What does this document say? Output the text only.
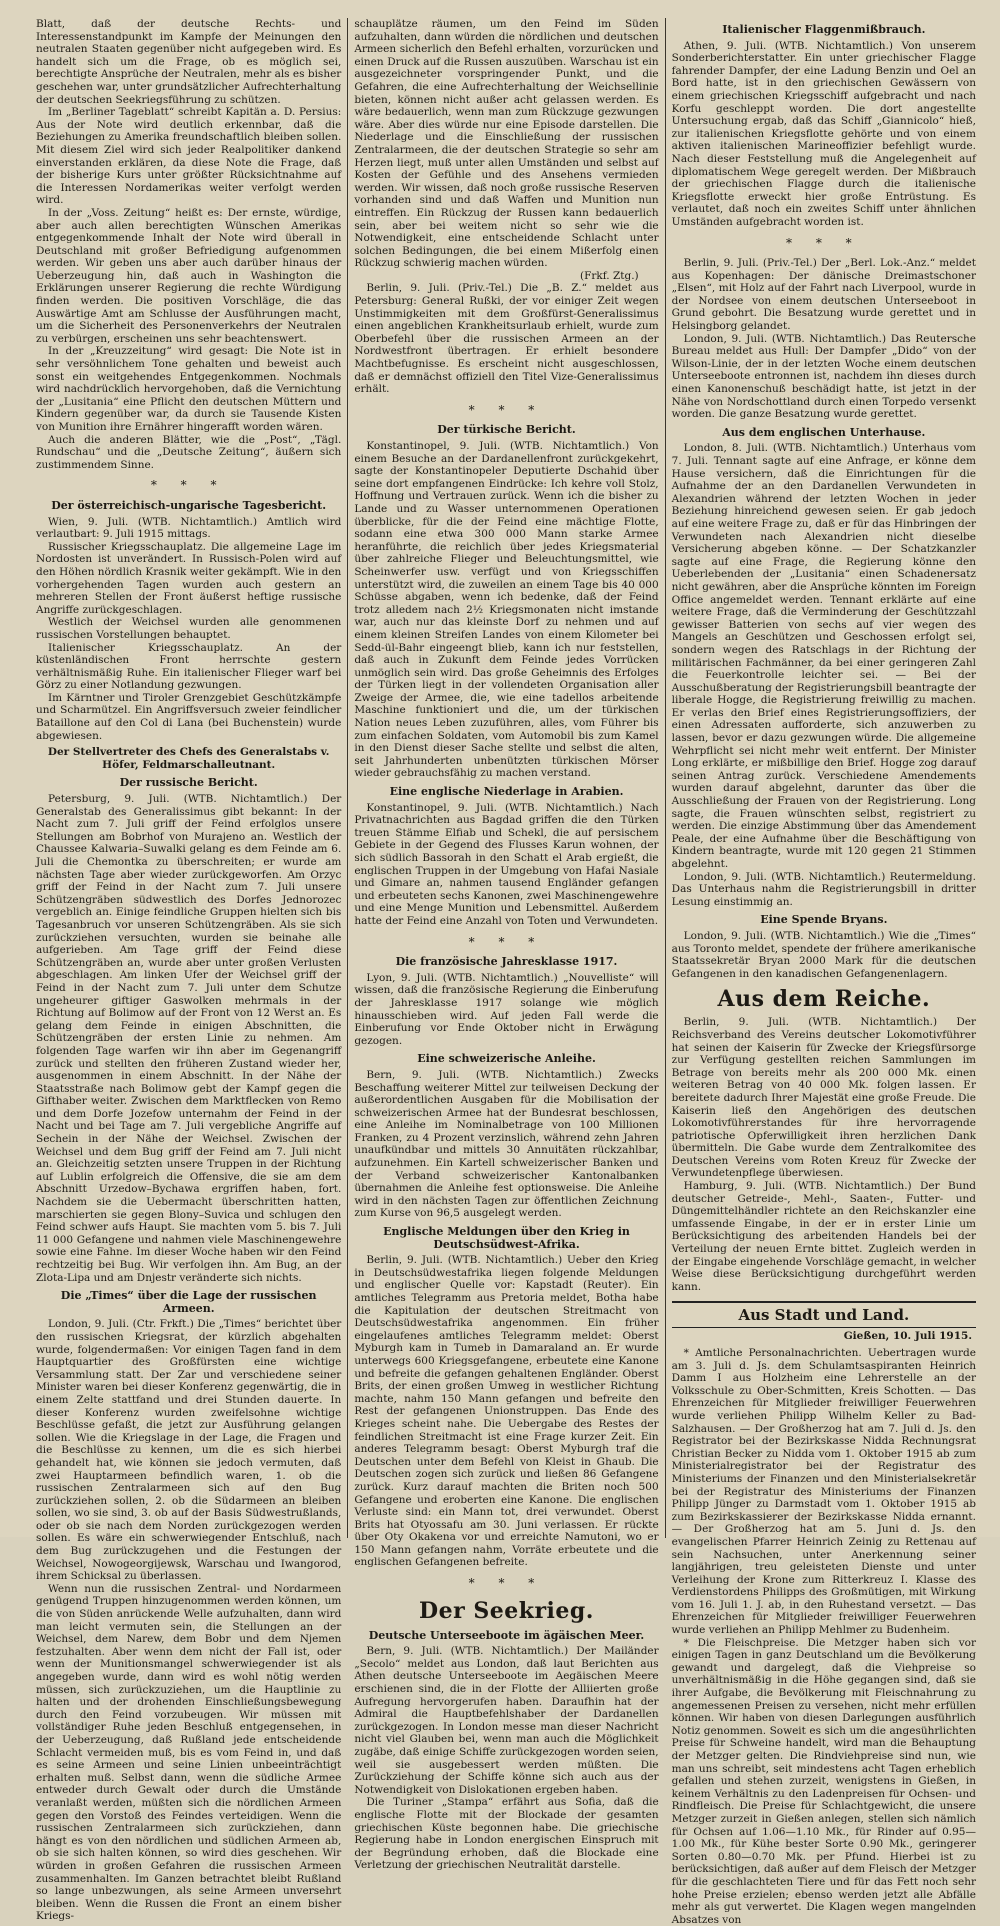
Blatt, daß der deutsche Rechts- und Interessenstandpunkt im Kampfe der Meinungen den neutralen Staaten gegenüber nicht aufgegeben wird. Es handelt sich um die Frage, ob es möglich sei, berechtigte Ansprüche der Neutralen, mehr als es bisher geschehen war, unter grundsätzlicher Aufrechterhaltung der deutschen Seekriegsführung zu schützen.

Im „Berliner Tageblatt“ schreibt Kapitän a. D. Persius: Aus der Note wird deutlich erkennbar, daß die Beziehungen zu Amerika freundschaftlich bleiben sollen. Mit diesem Ziel wird sich jeder Realpolitiker dankend einverstanden erklären, da diese Note die Frage, daß der bisherige Kurs unter größter Rücksichtnahme auf die Interessen Nordamerikas weiter verfolgt werden wird.

In der „Voss. Zeitung“ heißt es: Der ernste, würdige, aber auch allen berechtigten Wünschen Amerikas entgegenkommende Inhalt der Note wird überall in Deutschland mit großer Befriedigung aufgenommen werden. Wir geben uns aber auch darüber hinaus der Ueberzeugung hin, daß auch in Washington die Erklärungen unserer Regierung die rechte Würdigung finden werden. Die positiven Vorschläge, die das Auswärtige Amt am Schlusse der Ausführungen macht, um die Sicherheit des Personenverkehrs der Neutralen zu verbürgen, erscheinen uns sehr beachtenswert.

In der „Kreuzzeitung“ wird gesagt: Die Note ist in sehr versöhnlichem Tone gehalten und beweist auch sonst ein weitgehendes Entgegenkommen. Nochmals wird nachdrücklich hervorgehoben, daß die Vernichtung der „Lusitania“ eine Pflicht den deutschen Müttern und Kindern gegenüber war, da durch sie Tausende Kisten von Munition ihre Ernährer hingerafft worden wären.

Auch die anderen Blätter, wie die „Post“, „Tägl. Rundschau“ und die „Deutsche Zeitung“, äußern sich zustimmendem Sinne.

* * *
Der österreichisch-ungarische Tagesbericht.

Wien, 9. Juli. (WTB. Nichtamtlich.) Amtlich wird verlautbart: 9. Juli 1915 mittags.

Russischer Kriegsschauplatz. Die allgemeine Lage im Nordosten ist unverändert. In Russisch-Polen wird auf den Höhen nördlich Krasnik weiter gekämpft. Wie in den vorhergehenden Tagen wurden auch gestern an mehreren Stellen der Front äußerst heftige russische Angriffe zurückgeschlagen.

Westlich der Weichsel wurden alle genommenen russischen Vorstellungen behauptet.

Italienischer Kriegsschauplatz. An der küstenländischen Front herrschte gestern verhältnismäßig Ruhe. Ein italienischer Flieger warf bei Görz zu einer Notlandung gezwungen.

Im Kärntner und Tiroler Grenzgebiet Geschützkämpfe und Scharmützel. Ein Angriffsversuch zweier feindlicher Bataillone auf den Col di Lana (bei Buchenstein) wurde abgewiesen.

Der Stellvertreter des Chefs des Generalstabs v. Höfer, Feldmarschalleutnant.
Der russische Bericht.

Petersburg, 9. Juli. (WTB. Nichtamtlich.) Der Generalstab des Generalissimus gibt bekannt: In der Nacht zum 7. Juli griff der Feind erfolglos unsere Stellungen am Bobrhof von Murajeno an. Westlich der Chaussee Kalwaria–Suwalki gelang es dem Feinde am 6. Juli die Chemontka zu überschreiten; er wurde am nächsten Tage aber wieder zurückgeworfen. Am Orzyc griff der Feind in der Nacht zum 7. Juli unsere Schützengräben südwestlich des Dorfes Jednorozec vergeblich an. Einige feindliche Gruppen hielten sich bis Tagesanbruch vor unseren Schützengräben. Als sie sich zurückziehen versuchten, wurden sie beinahe alle aufgerieben. Am Tage griff der Feind diese Schützengräben an, wurde aber unter großen Verlusten abgeschlagen. Am linken Ufer der Weichsel griff der Feind in der Nacht zum 7. Juli unter dem Schutze ungeheurer giftiger Gaswolken mehrmals in der Richtung auf Bolimow auf der Front von 12 Werst an. Es gelang dem Feinde in einigen Abschnitten, die Schützengräben der ersten Linie zu nehmen. Am folgenden Tage warfen wir ihn aber im Gegenangriff zurück und stellten den früheren Zustand wieder her, ausgenommen in einem Abschnitt. In der Nähe der Staatsstraße nach Bolimow gebt der Kampf gegen die Gifthaber weiter. Zwischen dem Marktflecken von Remo und dem Dorfe Jozefow unternahm der Feind in der Nacht und bei Tage am 7. Juli vergebliche Angriffe auf Sechein in der Nähe der Weichsel. Zwischen der Weichsel und dem Bug griff der Feind am 7. Juli nicht an. Gleichzeitig setzten unsere Truppen in der Richtung auf Lublin erfolgreich die Offensive, die sie am dem Abschnitt Urzedow–Bychawa ergriffen haben, fort. Nachdem sie die Uebermacht überschritten hatten, marschierten sie gegen Blony–Suvica und schlugen den Feind schwer aufs Haupt. Sie machten vom 5. bis 7. Juli 11 000 Gefangene und nahmen viele Maschinengewehre sowie eine Fahne. Im dieser Woche haben wir den Feind rechtzeitig bei Bug. Wir verfolgen ihn. Am Bug, an der Zlota-Lipa und am Dnjestr veränderte sich nichts.

Die „Times“ über die Lage der russischen Armeen.

London, 9. Juli. (Ctr. Frkft.) Die „Times“ berichtet über den russischen Kriegsrat, der kürzlich abgehalten wurde, folgendermaßen: Vor einigen Tagen fand in dem Hauptquartier des Großfürsten eine wichtige Versammlung statt. Der Zar und verschiedene seiner Minister waren bei dieser Konferenz gegenwärtig, die in einem Zelte stattfand und drei Stunden dauerte. In dieser Konferenz wurden zweifelsohne wichtige Beschlüsse gefaßt, die jetzt zur Ausführung gelangen sollen. Wie die Kriegslage in der Lage, die Fragen und die Beschlüsse zu kennen, um die es sich hierbei gehandelt hat, wie können sie jedoch vermuten, daß zwei Hauptarmeen befindlich waren, 1. ob die russischen Zentralarmeen sich auf den Bug zurückziehen sollen, 2. ob die Südarmeen an bleiben sollen, wo sie sind, 3. ob auf der Basis Südwestrußlands, oder ob sie nach dem Norden zurückgezogen werden sollen. Es wäre ein schwerwiegender Entschluß, nach dem Bug zurückzugehen und die Festungen der Weichsel, Nowogeorgijewsk, Warschau und Iwangorod, ihrem Schicksal zu überlassen.

Wenn nun die russischen Zentral- und Nordarmeen genügend Truppen hinzugenommen werden können, um die von Süden anrückende Welle aufzuhalten, dann wird man leicht vermuten sein, die Stellungen an der Weichsel, dem Narew, dem Bobr und dem Njemen festzuhalten. Aber wenn dem nicht der Fall ist, oder wenn der Munitionsmangel schwerwiegender ist als angegeben wurde, dann wird es wohl nötig werden müssen, sich zurückzuziehen, um die Hauptlinie zu halten und der drohenden Einschließungsbewegung durch den Feind vorzubeugen. Wir müssen mit vollständiger Ruhe jeden Beschluß entgegensehen, in der Ueberzeugung, daß Rußland jede entscheidende Schlacht vermeiden muß, bis es vom Feind in, und daß es seine Armeen und seine Linien unbeeinträchtigt erhalten muß. Selbst dann, wenn die südliche Armee entweder durch Gewalt oder durch die Umstände veranlaßt werden, müßten sich die nördlichen Armeen gegen den Vorstoß des Feindes verteidigen. Wenn die russischen Zentralarmeen sich zurückziehen, dann hängt es von den nördlichen und südlichen Armeen ab, ob sie sich halten können, so wird dies geschehen. Wir würden in großen Gefahren die russischen Armeen zusammenhalten. Im Ganzen betrachtet bleibt Rußland so lange unbezwungen, als seine Armeen unversehrt bleiben. Wenn die Russen die Front an einem bisher Kriegs-

schauplätze räumen, um den Feind im Süden aufzuhalten, dann würden die nördlichen und deutschen Armeen sicherlich den Befehl erhalten, vorzurücken und einen Druck auf die Russen auszuüben. Warschau ist ein ausgezeichneter vorspringender Punkt, und die Gefahren, die eine Aufrechterhaltung der Weichsellinie bieten, können nicht außer acht gelassen werden. Es wäre bedauerlich, wenn man zum Rückzuge gezwungen wäre. Aber dies würde nur eine Episode darstellen. Die Niederlage und die Einschließung der russischen Zentralarmeen, die der deutschen Strategie so sehr am Herzen liegt, muß unter allen Umständen und selbst auf Kosten der Gefühle und des Ansehens vermieden werden. Wir wissen, daß noch große russische Reserven vorhanden sind und daß Waffen und Munition nun eintreffen. Ein Rückzug der Russen kann bedauerlich sein, aber bei weitem nicht so sehr wie die Notwendigkeit, eine entscheidende Schlacht unter solchen Bedingungen, die bei einem Mißerfolg einen Rückzug schwierig machen würden.

(Frkf. Ztg.)

Berlin, 9. Juli. (Priv.-Tel.) Die „B. Z.“ meldet aus Petersburg: General Rußki, der vor einiger Zeit wegen Unstimmigkeiten mit dem Großfürst-Generalissimus einen angeblichen Krankheitsurlaub erhielt, wurde zum Oberbefehl über die russischen Armeen an der Nordwestfront übertragen. Er erhielt besondere Machtbefugnisse. Es erscheint nicht ausgeschlossen, daß er demnächst offiziell den Titel Vize-Generalissimus erhält.

* * *
Der türkische Bericht.

Konstantinopel, 9. Juli. (WTB. Nichtamtlich.) Von einem Besuche an der Dardanellenfront zurückgekehrt, sagte der Konstantinopeler Deputierte Dschahid über seine dort empfangenen Eindrücke: Ich kehre voll Stolz, Hoffnung und Vertrauen zurück. Wenn ich die bisher zu Lande und zu Wasser unternommenen Operationen überblicke, für die der Feind eine mächtige Flotte, sodann eine etwa 300 000 Mann starke Armee heranführte, die reichlich über jedes Kriegsmaterial über zahlreiche Flieger und Beleuchtungsmittel, wie Scheinwerfer usw. verfügt und von Kriegsschiffen unterstützt wird, die zuweilen an einem Tage bis 40 000 Schüsse abgaben, wenn ich bedenke, daß der Feind trotz alledem nach 2½ Kriegsmonaten nicht imstande war, auch nur das kleinste Dorf zu nehmen und auf einem kleinen Streifen Landes von einem Kilometer bei Sedd-ül-Bahr eingeengt blieb, kann ich nur feststellen, daß auch in Zukunft dem Feinde jedes Vorrücken unmöglich sein wird. Das große Geheimnis des Erfolges der Türken liegt in der vollendeten Organisation aller Zweige der Armee, die, wie eine tadellos arbeitende Maschine funktioniert und die, um der türkischen Nation neues Leben zuzuführen, alles, vom Führer bis zum einfachen Soldaten, vom Automobil bis zum Kamel in den Dienst dieser Sache stellte und selbst die alten, seit Jahrhunderten unbenützten türkischen Mörser wieder gebrauchsfähig zu machen verstand.

Eine englische Niederlage in Arabien.

Konstantinopel, 9. Juli. (WTB. Nichtamtlich.) Nach Privatnachrichten aus Bagdad griffen die den Türken treuen Stämme Elfiab und Schekl, die auf persischem Gebiete in der Gegend des Flusses Karun wohnen, der sich südlich Bassorah in den Schatt el Arab ergießt, die englischen Truppen in der Umgebung von Hafai Nasiale und Gimare an, nahmen tausend Engländer gefangen und erbeuteten sechs Kanonen, zwei Maschinengewehre und eine Menge Munition und Lebensmittel. Außerdem hatte der Feind eine Anzahl von Toten und Verwundeten.

* * *
Die französische Jahresklasse 1917.

Lyon, 9. Juli. (WTB. Nichtamtlich.) „Nouvelliste“ will wissen, daß die französische Regierung die Einberufung der Jahresklasse 1917 solange wie möglich hinausschieben wird. Auf jeden Fall werde die Einberufung vor Ende Oktober nicht in Erwägung gezogen.

Eine schweizerische Anleihe.

Bern, 9. Juli. (WTB. Nichtamtlich.) Zwecks Beschaffung weiterer Mittel zur teilweisen Deckung der außerordentlichen Ausgaben für die Mobilisation der schweizerischen Armee hat der Bundesrat beschlossen, eine Anleihe im Nominalbetrage von 100 Millionen Franken, zu 4 Prozent verzinslich, während zehn Jahren unaufkündbar und mittels 30 Annuitäten rückzahlbar, aufzunehmen. Ein Kartell schweizerischer Banken und der Verband schweizerischer Kantonalbanken übernahmen die Anleihe fest optionsweise. Die Anleihe wird in den nächsten Tagen zur öffentlichen Zeichnung zum Kurse von 96,5 ausgelegt werden.

Englische Meldungen über den Krieg in Deutschsüdwest-Afrika.

Berlin, 9. Juli. (WTB. Nichtamtlich.) Ueber den Krieg in Deutschsüdwestafrika liegen folgende Meldungen und englischer Quelle vor: Kapstadt (Reuter). Ein amtliches Telegramm aus Pretoria meldet, Botha habe die Kapitulation der deutschen Streitmacht von Deutschsüdwestafrika angenommen. Ein früher eingelaufenes amtliches Telegramm meldet: Oberst Myburgh kam in Tumeb in Damaraland an. Er wurde unterwegs 600 Kriegsgefangene, erbeutete eine Kanone und befreite die gefangen gehaltenen Engländer. Oberst Brits, der einen großen Umweg in westlicher Richtung machte, nahm 150 Mann gefangen und befreite den Rest der gefangenen Unionstruppen. Das Ende des Krieges scheint nahe. Die Uebergabe des Restes der feindlichen Streitmacht ist eine Frage kurzer Zeit. Ein anderes Telegramm besagt: Oberst Myburgh traf die Deutschen unter dem Befehl von Kleist in Ghaub. Die Deutschen zogen sich zurück und ließen 86 Gefangene zurück. Kurz darauf machten die Briten noch 500 Gefangene und eroberten eine Kanone. Die englischen Verluste sind: ein Mann tot, drei verwundet. Oberst Brits hat Otyossafu am 30. Juni verlassen. Er rückte über Oty Okakena vor und erreichte Namutoni, wo er 150 Mann gefangen nahm, Vorräte erbeutete und die englischen Gefangenen befreite.

* * *
Der Seekrieg.
Deutsche Unterseeboote im ägäischen Meer.

Bern, 9. Juli. (WTB. Nichtamtlich.) Der Mailänder „Secolo“ meldet aus London, daß laut Berichten aus Athen deutsche Unterseeboote im Aegäischen Meere erschienen sind, die in der Flotte der Alliierten große Aufregung hervorgerufen haben. Daraufhin hat der Admiral die Hauptbefehlshaber der Dardanellen zurückgezogen. In London messe man dieser Nachricht nicht viel Glauben bei, wenn man auch die Möglichkeit zugäbe, daß einige Schiffe zurückgezogen worden seien, weil sie ausgebessert werden müßten. Die Zurückziehung der Schiffe könne sich auch aus der Notwendigkeit von Dislokationen ergeben haben.

Die Turiner „Stampa“ erfährt aus Sofia, daß die englische Flotte mit der Blockade der gesamten griechischen Küste begonnen habe. Die griechische Regierung habe in London energischen Einspruch mit der Begründung erhoben, daß die Blockade eine Verletzung der griechischen Neutralität darstelle.

Italienischer Flaggenmißbrauch.

Athen, 9. Juli. (WTB. Nichtamtlich.) Von unserem Sonderberichterstatter. Ein unter griechischer Flagge fahrender Dampfer, der eine Ladung Benzin und Oel an Bord hatte, ist in den griechischen Gewässern von einem griechischen Kriegsschiff aufgebracht und nach Korfu geschleppt worden. Die dort angestellte Untersuchung ergab, daß das Schiff „Giannicolo“ hieß, zur italienischen Kriegsflotte gehörte und von einem aktiven italienischen Marineoffizier befehligt wurde. Nach dieser Feststellung muß die Angelegenheit auf diplomatischem Wege geregelt werden. Der Mißbrauch der griechischen Flagge durch die italienische Kriegsflotte erweckt hier große Entrüstung. Es verlautet, daß noch ein zweites Schiff unter ähnlichen Umständen aufgebracht worden ist.

* * *

Berlin, 9. Juli. (Priv.-Tel.) Der „Berl. Lok.-Anz.“ meldet aus Kopenhagen: Der dänische Dreimastschoner „Elsen“, mit Holz auf der Fahrt nach Liverpool, wurde in der Nordsee von einem deutschen Unterseeboot in Grund gebohrt. Die Besatzung wurde gerettet und in Helsingborg gelandet.

London, 9. Juli. (WTB. Nichtamtlich.) Das Reutersche Bureau meldet aus Hull: Der Dampfer „Dido“ von der Wilson-Linie, der in der letzten Woche einem deutschen Unterseeboote entronnen ist, nachdem ihn dieses durch einen Kanonenschuß beschädigt hatte, ist jetzt in der Nähe von Nordschottland durch einen Torpedo versenkt worden. Die ganze Besatzung wurde gerettet.

Aus dem englischen Unterhause.

London, 8. Juli. (WTB. Nichtamtlich.) Unterhaus vom 7. Juli. Tennant sagte auf eine Anfrage, er könne dem Hause versichern, daß die Einrichtungen für die Aufnahme der an den Dardanellen Verwundeten in Alexandrien während der letzten Wochen in jeder Beziehung hinreichend gewesen seien. Er gab jedoch auf eine weitere Frage zu, daß er für das Hinbringen der Verwundeten nach Alexandrien nicht dieselbe Versicherung abgeben könne. — Der Schatzkanzler sagte auf eine Frage, die Regierung könne den Ueberlebenden der „Lusitania“ einen Schadenersatz nicht gewähren, aber die Ansprüche könnten im Foreign Office angemeldet werden. Tennant erklärte auf eine weitere Frage, daß die Verminderung der Geschützzahl gewisser Batterien von sechs auf vier wegen des Mangels an Geschützen und Geschossen erfolgt sei, sondern wegen des Ratschlags in der Richtung der militärischen Fachmänner, da bei einer geringeren Zahl die Feuerkontrolle leichter sei. — Bei der Ausschußberatung der Registrierungsbill beantragte der liberale Hogge, die Registrierung freiwillig zu machen. Er verlas den Brief eines Registrierungsoffiziers, der einen Adressaten aufforderte, sich anzuwerben zu lassen, bevor er dazu gezwungen würde. Die allgemeine Wehrpflicht sei nicht mehr weit entfernt. Der Minister Long erklärte, er mißbillige den Brief. Hogge zog darauf seinen Antrag zurück. Verschiedene Amendements wurden darauf abgelehnt, darunter das über die Ausschließung der Frauen von der Registrierung. Long sagte, die Frauen wünschten selbst, registriert zu werden. Die einzige Abstimmung über das Amendement Peale, der eine Aufnahme über die Beschäftigung von Kindern beantragte, wurde mit 120 gegen 21 Stimmen abgelehnt.

London, 9. Juli. (WTB. Nichtamtlich.) Reutermeldung. Das Unterhaus nahm die Registrierungsbill in dritter Lesung einstimmig an.

Eine Spende Bryans.

London, 9. Juli. (WTB. Nichtamtlich.) Wie die „Times“ aus Toronto meldet, spendete der frühere amerikanische Staatssekretär Bryan 2000 Mark für die deutschen Gefangenen in den kanadischen Gefangenenlagern.

Aus dem Reiche.

Berlin, 9. Juli. (WTB. Nichtamtlich.) Der Reichsverband des Vereins deutscher Lokomotivführer hat seinen der Kaiserin für Zwecke der Kriegsfürsorge zur Verfügung gestellten reichen Sammlungen im Betrage von bereits mehr als 200 000 Mk. einen weiteren Betrag von 40 000 Mk. folgen lassen. Er bereitete dadurch Ihrer Majestät eine große Freude. Die Kaiserin ließ den Angehörigen des deutschen Lokomotivführerstandes für ihre hervorragende patriotische Opferwilligkeit ihren herzlichen Dank übermitteln. Die Gabe wurde dem Zentralkomitee des Deutschen Vereins vom Roten Kreuz für Zwecke der Verwundetenpflege überwiesen.

Hamburg, 9. Juli. (WTB. Nichtamtlich.) Der Bund deutscher Getreide-, Mehl-, Saaten-, Futter- und Düngemittelhändler richtete an den Reichskanzler eine umfassende Eingabe, in der er in erster Linie um Berücksichtigung des arbeitenden Handels bei der Verteilung der neuen Ernte bittet. Zugleich werden in der Eingabe eingehende Vorschläge gemacht, in welcher Weise diese Berücksichtigung durchgeführt werden kann.

Aus Stadt und Land.
Gießen, 10. Juli 1915.

* Amtliche Personalnachrichten. Uebertragen wurde am 3. Juli d. Js. dem Schulamtsaspiranten Heinrich Damm I aus Holzheim eine Lehrerstelle an der Volksschule zu Ober-Schmitten, Kreis Schotten. — Das Ehrenzeichen für Mitglieder freiwilliger Feuerwehren wurde verliehen Philipp Wilhelm Keller zu Bad-Salzhausen. — Der Großherzog hat am 7. Juli d. Js. den Registrator bei der Bezirkskasse Nidda Rechnungsrat Christian Becker zu Nidda vom 1. Oktober 1915 ab zum Ministerialregistrator bei der Registratur des Ministeriums der Finanzen und den Ministerialsekretär bei der Registratur des Ministeriums der Finanzen Philipp Jünger zu Darmstadt vom 1. Oktober 1915 ab zum Bezirkskassierer der Bezirkskasse Nidda ernannt. — Der Großherzog hat am 5. Juni d. Js. den evangelischen Pfarrer Heinrich Zeinig zu Rettenau auf sein Nachsuchen, unter Anerkennung seiner langjährigen, treu geleisteten Dienste und unter Verleihung der Krone zum Ritterkreuz I. Klasse des Verdienstordens Philipps des Großmütigen, mit Wirkung vom 16. Juli 1. J. ab, in den Ruhestand versetzt. — Das Ehrenzeichen für Mitglieder freiwilliger Feuerwehren wurde verliehen an Philipp Mehlmer zu Budenheim.

* Die Fleischpreise. Die Metzger haben sich vor einigen Tagen in ganz Deutschland um die Bevölkerung gewandt und dargelegt, daß die Viehpreise so unverhältnismäßig in die Höhe gegangen sind, daß sie ihrer Aufgabe, die Bevölkerung mit Fleischnahrung zu angemessenen Preisen zu versehen, nicht mehr erfüllen können. Wir haben von diesen Darlegungen ausführlich Notiz genommen. Soweit es sich um die angesührlichten Preise für Schweine handelt, wird man die Behauptung der Metzger gelten. Die Rindviehpreise sind nun, wie man uns schreibt, seit mindestens acht Tagen erheblich gefallen und stehen zurzeit, wenigstens in Gießen, in keinem Verhältnis zu den Ladenpreisen für Ochsen- und Rindfleisch. Die Preise für Schlachtgewicht, die unsere Metzger zurzeit in Gießen anlegen, stellen sich nämlich für Ochsen auf 1.06—1.10 Mk., für Rinder auf 0.95—1.00 Mk., für Kühe bester Sorte 0.90 Mk., geringerer Sorten 0.80—0.70 Mk. per Pfund. Hierbei ist zu berücksichtigen, daß außer auf dem Fleisch der Metzger für die geschlachteten Tiere und für das Fett noch sehr hohe Preise erzielen; ebenso werden jetzt alle Abfälle mehr als gut verwertet. Die Klagen wegen mangelnden Absatzes von
